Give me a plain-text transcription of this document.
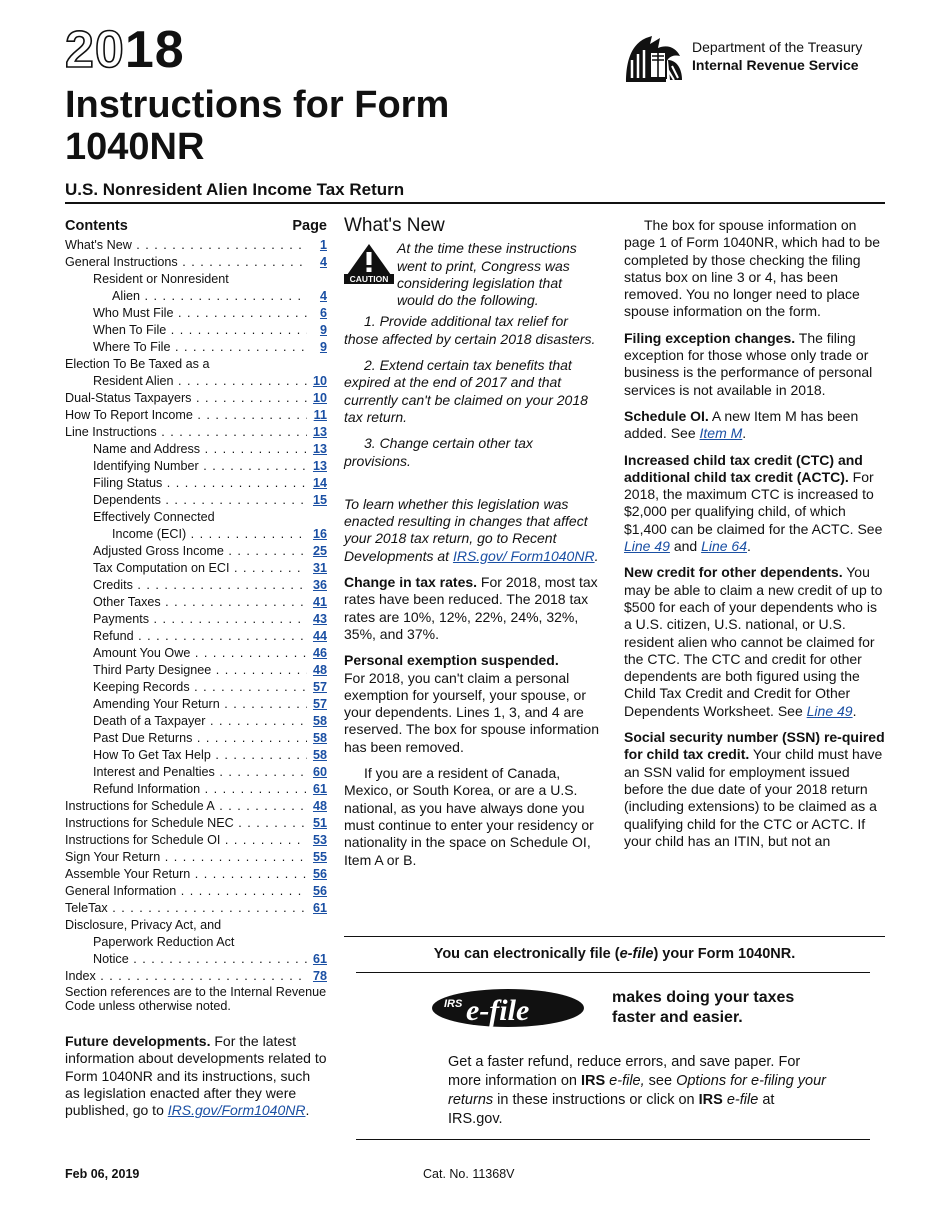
2018
Instructions for Form
1040NR
U.S. Nonresident Alien Income Tax Return
Department of the Treasury
Internal Revenue Service
Contents	Page
What's New . . .	1
General Instructions . . .	4
Resident or Nonresident
Alien . . .	4
Who Must File . . .	6
When To File . . .	9
Where To File . . .	9
Election To Be Taxed as a
Resident Alien . . .	10
Dual-Status Taxpayers . . .	10
How To Report Income . . .	11
Line Instructions . . .	13
Name and Address . . .	13
Identifying Number . . .	13
Filing Status . . .	14
Dependents . . .	15
Effectively Connected
Income (ECI) . . .	16
Adjusted Gross Income . . .	25
Tax Computation on ECI . . .	31
Credits . . .	36
Other Taxes . . .	41
Payments . . .	43
Refund . . .	44
Amount You Owe . . .	46
Third Party Designee . . .	48
Keeping Records . . .	57
Amending Your Return . . .	57
Death of a Taxpayer . . .	58
Past Due Returns . . .	58
How To Get Tax Help . . .	58
Interest and Penalties . . .	60
Refund Information . . .	61
Instructions for Schedule A . . .	48
Instructions for Schedule NEC . . .	51
Instructions for Schedule OI . . .	53
Sign Your Return . . .	55
Assemble Your Return . . .	56
General Information . . .	56
TeleTax . . .	61
Disclosure, Privacy Act, and
Paperwork Reduction Act
Notice . . .	61
Index . . .	78
Section references are to the Internal Revenue Code unless otherwise noted.
Future developments. For the latest information about developments related to Form 1040NR and its instructions, such as legislation enacted after they were published, go to IRS.gov/Form1040NR.
What's New
CAUTION

At the time these instructions went to print, Congress was considering legislation that would do the following.

1. Provide additional tax relief for those affected by certain 2018 disasters.

2. Extend certain tax benefits that expired at the end of 2017 and that currently can't be claimed on your 2018 tax return.

3. Change certain other tax provisions.

To learn whether this legislation was enacted resulting in changes that affect your 2018 tax return, go to Recent Developments at IRS.gov/ Form1040NR.

Change in tax rates. For 2018, most tax rates have been reduced. The 2018 tax rates are 10%, 12%, 22%, 24%, 32%, 35%, and 37%.

Personal exemption suspended.
For 2018, you can't claim a personal exemption for yourself, your spouse, or your dependents. Lines 1, 3, and 4 are reserved. The box for spouse information has been removed.

If you are a resident of Canada, Mexico, or South Korea, or are a U.S. national, as you have always done you must continue to enter your residency or nationality in the space on Schedule OI, Item A or B.

The box for spouse information on page 1 of Form 1040NR, which had to be completed by those checking the filing status box on line 3 or 4, has been removed. You no longer need to place spouse information on the form.

Filing exception changes. The filing exception for those whose only trade or business is the performance of personal services is not available in 2018.

Schedule OI. A new Item M has been added. See Item M.

Increased child tax credit (CTC) and additional child tax credit (ACTC). For 2018, the maximum CTC is increased to $2,000 per qualifying child, of which $1,400 can be claimed for the ACTC. See Line 49 and Line 64.

New credit for other dependents. You may be able to claim a new credit of up to $500 for each of your dependents who is a U.S. citizen, U.S. national, or U.S. resident alien who cannot be claimed for the CTC. The CTC and credit for other dependents are both figured using the Child Tax Credit and Credit for Other Dependents Worksheet. See Line 49.

Social security number (SSN) re-quired for child tax credit. Your child must have an SSN valid for employment issued before the due date of your 2018 return (including extensions) to be claimed as a qualifying child for the CTC or ACTC. If your child has an ITIN, but not an

You can electronically file (e-file) your Form 1040NR.
IRS e-file	makes doing your taxes
faster and easier.
Get a faster refund, reduce errors, and save paper. For more information on IRS e-file, see Options for e-filing your returns in these instructions or click on IRS e-file at IRS.gov.
Feb 06, 2019	Cat. No. 11368V
